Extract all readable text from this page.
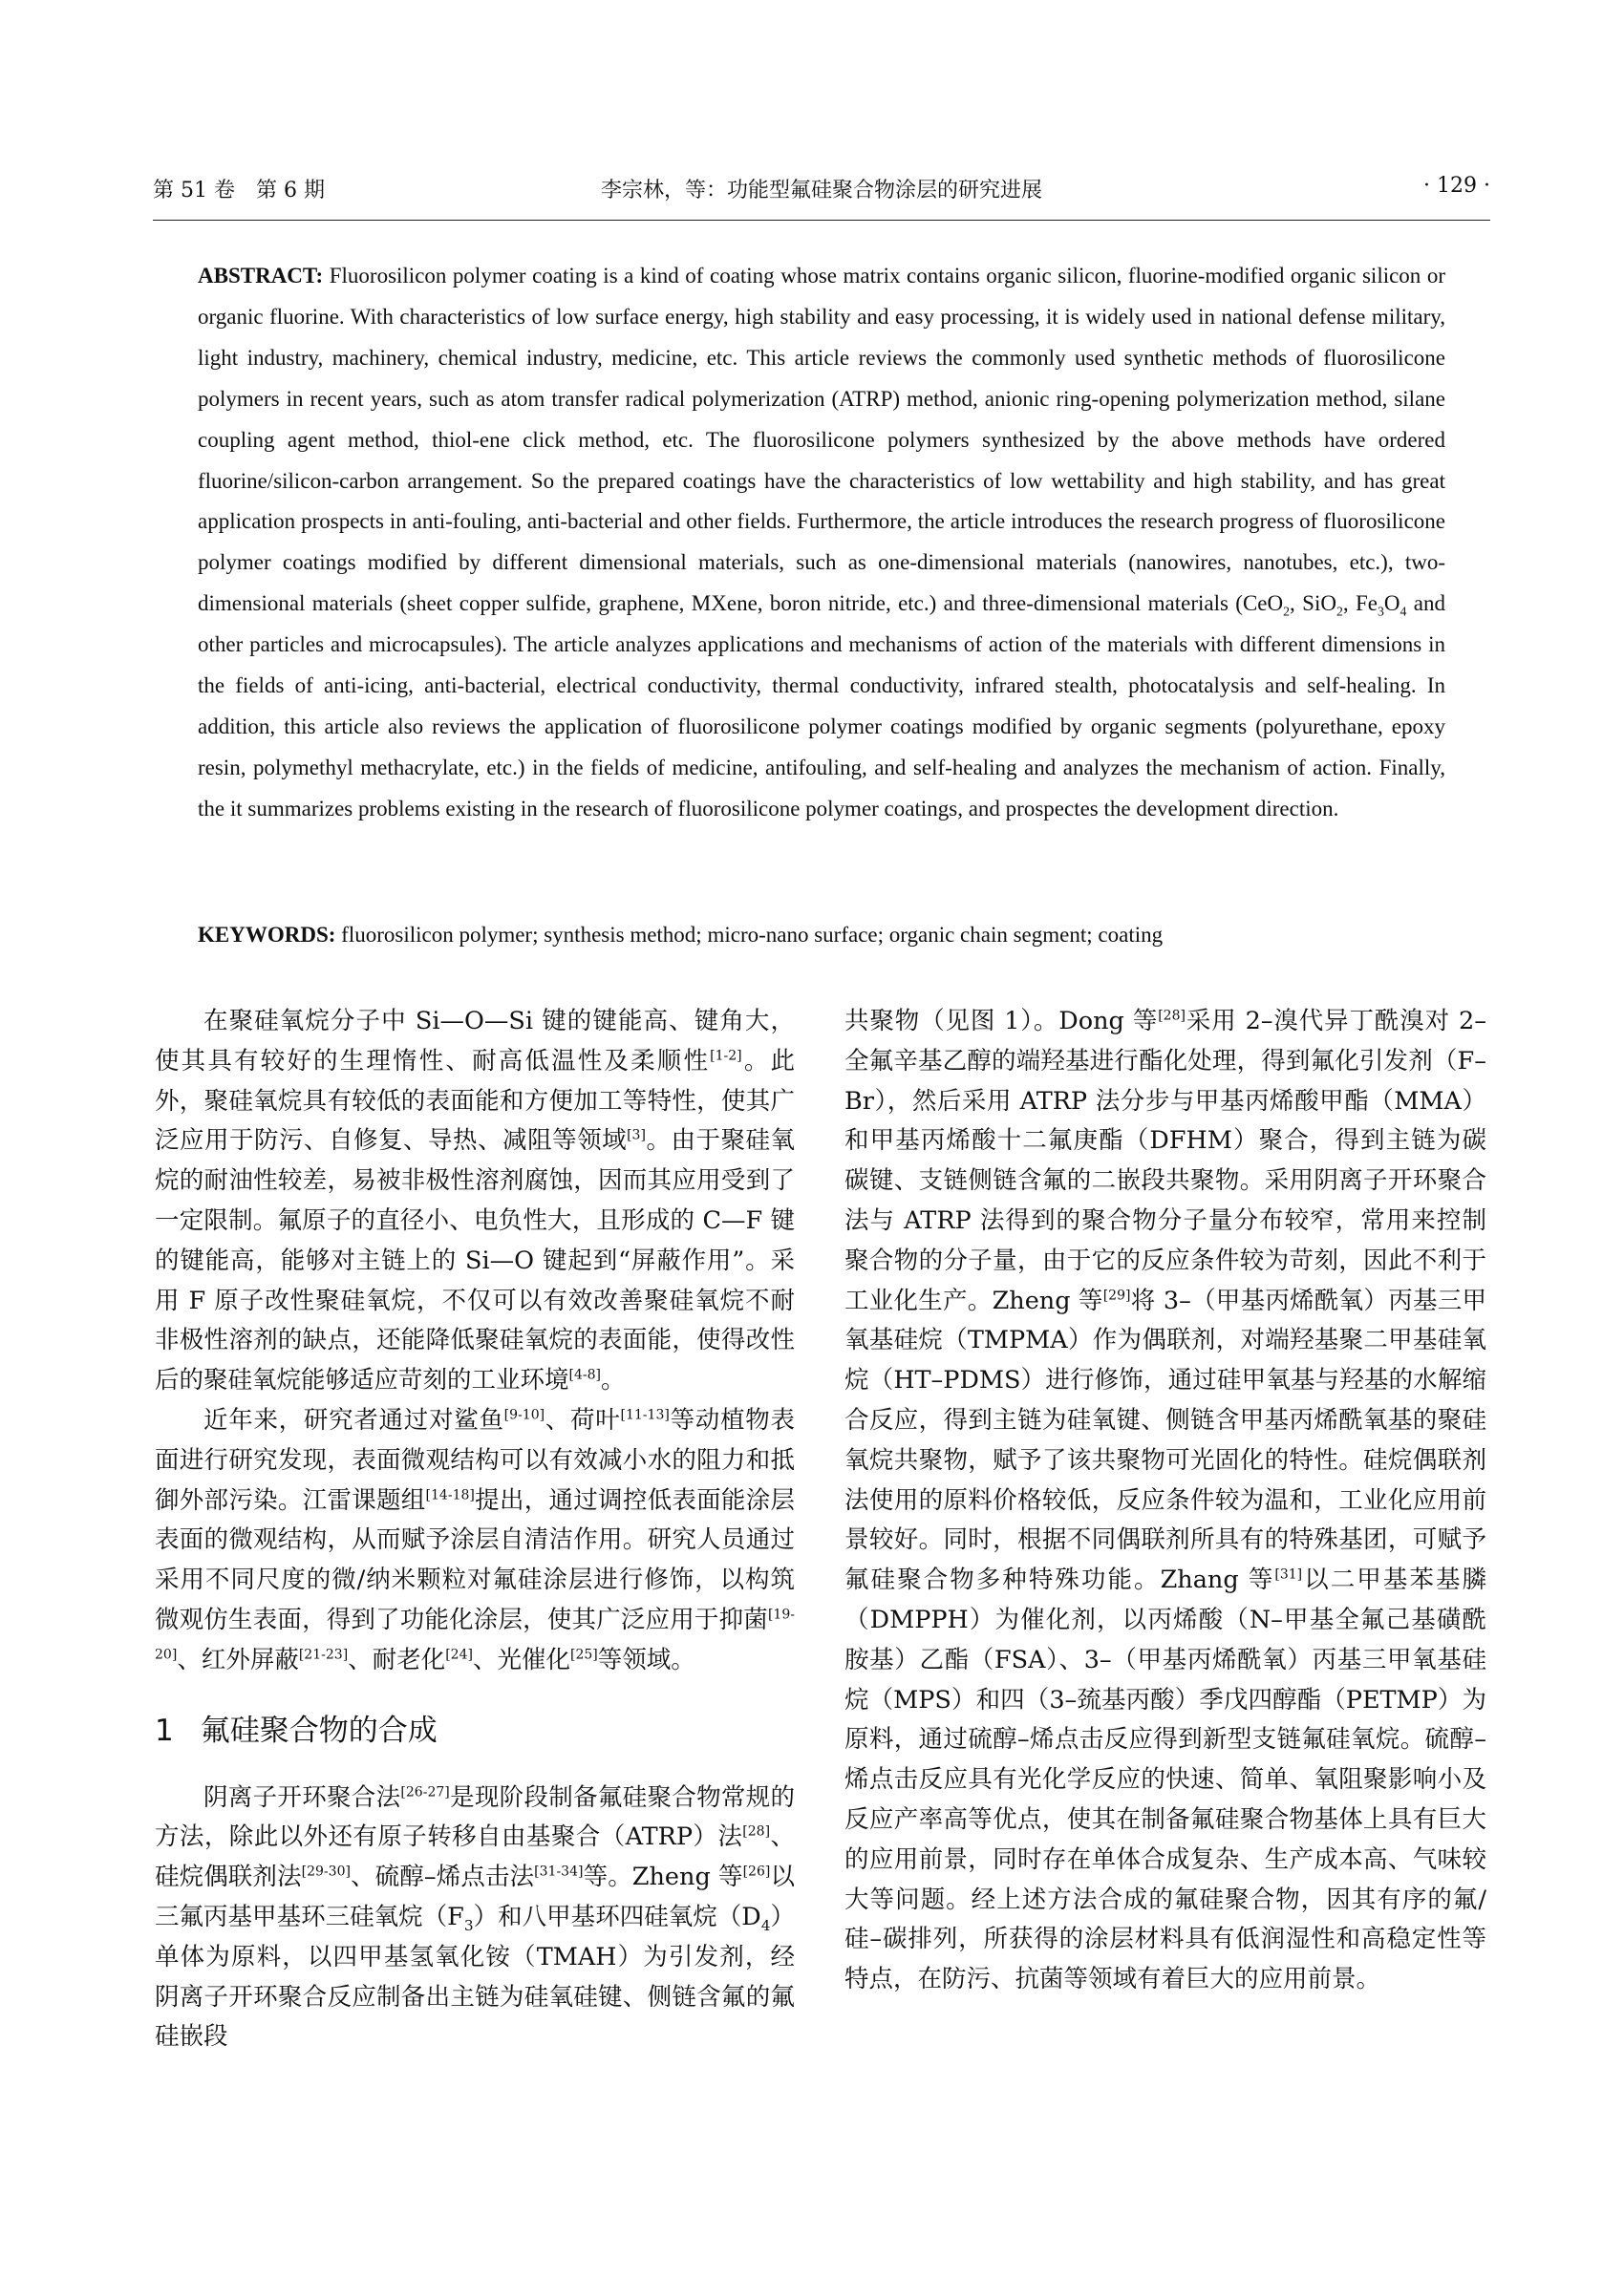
第 51 卷　第 6 期	李宗林，等：功能型氟硅聚合物涂层的研究进展	· 129 ·
ABSTRACT: Fluorosilicon polymer coating is a kind of coating whose matrix contains organic silicon, fluorine-modified organic silicon or organic fluorine. With characteristics of low surface energy, high stability and easy processing, it is widely used in national defense military, light industry, machinery, chemical industry, medicine, etc. This article reviews the commonly used synthetic methods of fluorosilicone polymers in recent years, such as atom transfer radical polymerization (ATRP) method, anionic ring-opening polymerization method, silane coupling agent method, thiol-ene click method, etc. The fluorosilicone polymers synthesized by the above methods have ordered fluorine/silicon-carbon arrangement. So the prepared coatings have the characteristics of low wettability and high stability, and has great application prospects in anti-fouling, anti-bacterial and other fields. Furthermore, the article introduces the research progress of fluorosilicone polymer coatings modified by different dimensional materials, such as one-dimensional materials (nanowires, nanotubes, etc.), two-dimensional materials (sheet copper sulfide, graphene, MXene, boron nitride, etc.) and three-dimensional materials (CeO$_2$, SiO$_2$, $Fe_3O_4$ and other particles and microcapsules). The article analyzes applications and mechanisms of action of the materials with different dimensions in the fields of anti-icing, anti-bacterial, electrical conductivity, thermal conductivity, infrared stealth, photocatalysis and self-healing. In addition, this article also reviews the application of fluorosilicone polymer coatings modified by organic segments (polyurethane, epoxy resin, polymethyl methacrylate, etc.) in the fields of medicine, antifouling, and self-healing and analyzes the mechanism of action. Finally, the it summarizes problems existing in the research of fluorosilicone polymer coatings, and prospectes the development direction.
KEYWORDS: fluorosilicon polymer; synthesis method; micro-nano surface; organic chain segment; coating

在聚硅氧烷分子中 Si—O—Si 键的键能高、键角大，使其具有较好的生理惰性、耐高低温性及柔顺性[1-2]。此外，聚硅氧烷具有较低的表面能和方便加工等特性，使其广泛应用于防污、自修复、导热、减阻等领域[3]。由于聚硅氧烷的耐油性较差，易被非极性溶剂腐蚀，因而其应用受到了一定限制。氟原子的直径小、电负性大，且形成的 C—F 键的键能高，能够对主链上的 Si—O 键起到“屏蔽作用”。采用 F 原子改性聚硅氧烷，不仅可以有效改善聚硅氧烷不耐非极性溶剂的缺点，还能降低聚硅氧烷的表面能，使得改性后的聚硅氧烷能够适应苛刻的工业环境[4-8]。

近年来，研究者通过对鲨鱼[9-10]、荷叶[11-13]等动植物表面进行研究发现，表面微观结构可以有效减小水的阻力和抵御外部污染。江雷课题组[14-18]提出，通过调控低表面能涂层表面的微观结构，从而赋予涂层自清洁作用。研究人员通过采用不同尺度的微/纳米颗粒对氟硅涂层进行修饰，以构筑微观仿生表面，得到了功能化涂层，使其广泛应用于抑菌[19-20]、红外屏蔽[21-23]、耐老化[24]、光催化[25]等领域。

1 氟硅聚合物的合成

阴离子开环聚合法[26-27]是现阶段制备氟硅聚合物常规的方法，除此以外还有原子转移自由基聚合（ATRP）法[28]、硅烷偶联剂法[29-30]、硫醇–烯点击法[31-34]等。Zheng 等[26]以三氟丙基甲基环三硅氧烷$(F_3)$和八甲基环四硅氧烷$(D_4)$单体为原料，以四甲基氢氧化铵（TMAH）为引发剂，经阴离子开环聚合反应制备出主链为硅氧硅键、侧链含氟的氟硅嵌段

共聚物（见图 1）。Dong 等[28]采用 2–溴代异丁酰溴对 2–全氟辛基乙醇的端羟基进行酯化处理，得到氟化引发剂（F–Br），然后采用 ATRP 法分步与甲基丙烯酸甲酯（MMA）和甲基丙烯酸十二氟庚酯（DFHM）聚合，得到主链为碳碳键、支链侧链含氟的二嵌段共聚物。采用阴离子开环聚合法与 ATRP 法得到的聚合物分子量分布较窄，常用来控制聚合物的分子量，由于它的反应条件较为苛刻，因此不利于工业化生产。Zheng 等[29]将 3–（甲基丙烯酰氧）丙基三甲氧基硅烷（TMPMA）作为偶联剂，对端羟基聚二甲基硅氧烷（HT–PDMS）进行修饰，通过硅甲氧基与羟基的水解缩合反应，得到主链为硅氧键、侧链含甲基丙烯酰氧基的聚硅氧烷共聚物，赋予了该共聚物可光固化的特性。硅烷偶联剂法使用的原料价格较低，反应条件较为温和，工业化应用前景较好。同时，根据不同偶联剂所具有的特殊基团，可赋予氟硅聚合物多种特殊功能。Zhang 等[31]以二甲基苯基膦（DMPPH）为催化剂，以丙烯酸（N–甲基全氟己基磺酰胺基）乙酯（FSA）、3–（甲基丙烯酰氧）丙基三甲氧基硅烷（MPS）和四（3–巯基丙酸）季戊四醇酯（PETMP）为原料，通过硫醇–烯点击反应得到新型支链氟硅氧烷。硫醇–烯点击反应具有光化学反应的快速、简单、氧阻聚影响小及反应产率高等优点，使其在制备氟硅聚合物基体上具有巨大的应用前景，同时存在单体合成复杂、生产成本高、气味较大等问题。经上述方法合成的氟硅聚合物，因其有序的氟/硅–碳排列，所获得的涂层材料具有低润湿性和高稳定性等特点，在防污、抗菌等领域有着巨大的应用前景。
